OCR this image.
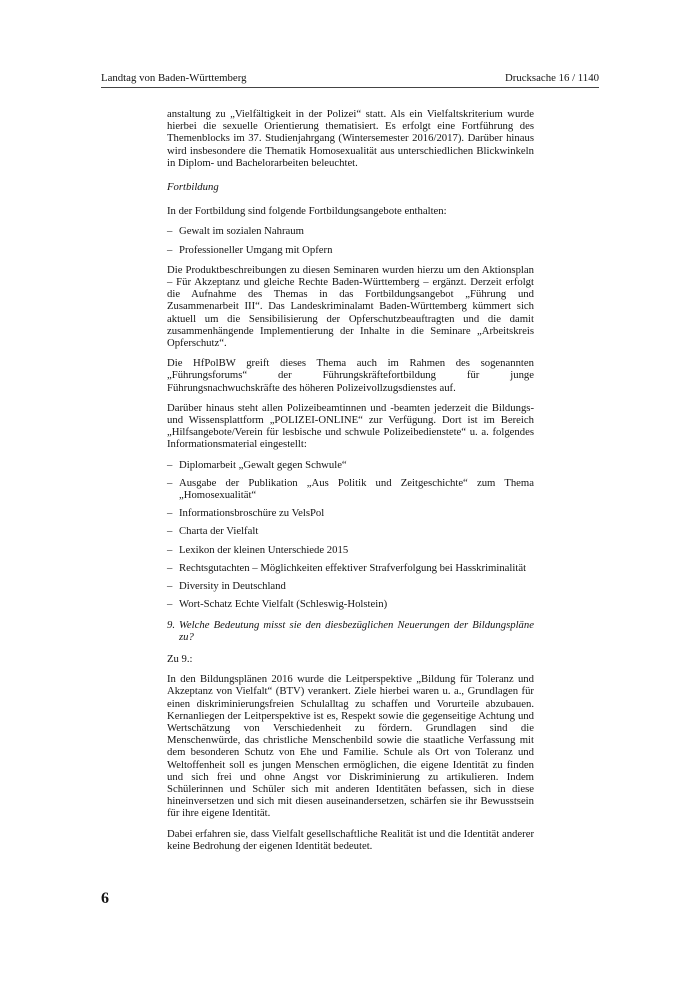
Landtag von Baden-Württemberg	Drucksache 16 / 1140

anstaltung zu „Vielfältigkeit in der Polizei“ statt. Als ein Vielfaltskriterium wurde hierbei die sexuelle Orientierung thematisiert. Es erfolgt eine Fortführung des Themenblocks im 37. Studienjahrgang (Wintersemester 2016/2017). Darüber hinaus wird insbesondere die Thematik Homosexualität aus unterschiedlichen Blickwinkeln in Diplom- und Bachelorarbeiten beleuchtet.

Fortbildung

In der Fortbildung sind folgende Fortbildungsangebote enthalten:

– Gewalt im sozialen Nahraum
– Professioneller Umgang mit Opfern

Die Produktbeschreibungen zu diesen Seminaren wurden hierzu um den Aktionsplan – Für Akzeptanz und gleiche Rechte Baden-Württemberg – ergänzt. Derzeit erfolgt die Aufnahme des Themas in das Fortbildungsangebot „Führung und Zusammenarbeit III“. Das Landeskriminalamt Baden-Württemberg kümmert sich aktuell um die Sensibilisierung der Opferschutzbeauftragten und die damit zusammenhängende Implementierung der Inhalte in die Seminare „Arbeitskreis Opferschutz“.

Die HfPolBW greift dieses Thema auch im Rahmen des sogenannten „Führungsforums“ der Führungskräftefortbildung für junge Führungsnachwuchskräfte des höheren Polizeivollzugsdienstes auf.

Darüber hinaus steht allen Polizeibeamtinnen und -beamten jederzeit die Bildungs- und Wissensplattform „POLIZEI-ONLINE“ zur Verfügung. Dort ist im Bereich „Hilfsangebote/Verein für lesbische und schwule Polizeibedienstete“ u. a. folgendes Informationsmaterial eingestellt:

– Diplomarbeit „Gewalt gegen Schwule“
– Ausgabe der Publikation „Aus Politik und Zeitgeschichte“ zum Thema „Homosexualität“
– Informationsbroschüre zu VelsPol
– Charta der Vielfalt
– Lexikon der kleinen Unterschiede 2015
– Rechtsgutachten – Möglichkeiten effektiver Strafverfolgung bei Hasskriminalität
– Diversity in Deutschland
– Wort-Schatz Echte Vielfalt (Schleswig-Holstein)
9. Welche Bedeutung misst sie den diesbezüglichen Neuerungen der Bildungspläne zu?

Zu 9.:

In den Bildungsplänen 2016 wurde die Leitperspektive „Bildung für Toleranz und Akzeptanz von Vielfalt“ (BTV) verankert. Ziele hierbei waren u. a., Grundlagen für einen diskriminierungsfreien Schulalltag zu schaffen und Vorurteile abzubauen. Kernanliegen der Leitperspektive ist es, Respekt sowie die gegenseitige Achtung und Wertschätzung von Verschiedenheit zu fördern. Grundlagen sind die Menschenwürde, das christliche Menschenbild sowie die staatliche Verfassung mit dem besonderen Schutz von Ehe und Familie. Schule als Ort von Toleranz und Weltoffenheit soll es jungen Menschen ermöglichen, die eigene Identität zu finden und sich frei und ohne Angst vor Diskriminierung zu artikulieren. Indem Schülerinnen und Schüler sich mit anderen Identitäten befassen, sich in diese hineinversetzen und sich mit diesen auseinandersetzen, schärfen sie ihr Bewusstsein für ihre eigene Identität.

Dabei erfahren sie, dass Vielfalt gesellschaftliche Realität ist und die Identität anderer keine Bedrohung der eigenen Identität bedeutet.

6
